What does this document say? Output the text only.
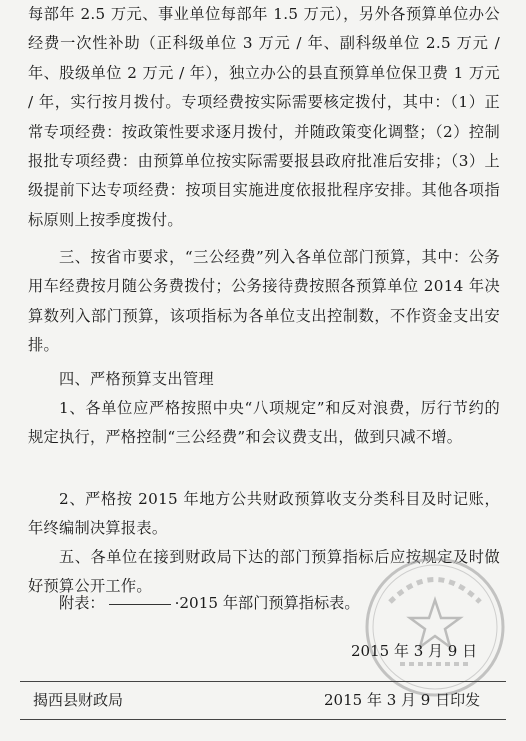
每部年 2.5 万元、事业单位每部年 1.5 万元），另外各预算单位办公经费一次性补助（正科级单位 3 万元 / 年、副科级单位 2.5 万元 / 年、股级单位 2 万元 / 年），独立办公的县直预算单位保卫费 1 万元 / 年，实行按月拨付。专项经费按实际需要核定拨付，其中：（1）正常专项经费：按政策性要求逐月拨付，并随政策变化调整；（2）控制报批专项经费：由预算单位按实际需要报县政府批准后安排；（3）上级提前下达专项经费：按项目实施进度依报批程序安排。其他各项指标原则上按季度拨付。

三、按省市要求，“三公经费”列入各单位部门预算，其中：公务用车经费按月随公务费拨付；公务接待费按照各预算单位 2014 年决算数列入部门预算，该项指标为各单位支出控制数，不作资金支出安排。

四、严格预算支出管理

1、各单位应严格按照中央“八项规定”和反对浪费，厉行节约的规定执行，严格控制“三公经费”和会议费支出，做到只减不增。

2、严格按 2015 年地方公共财政预算收支分类科目及时记账，年终编制决算报表。

五、各单位在接到财政局下达的部门预算指标后应按规定及时做好预算公开工作。

附表：	·2015 年部门预算指标表。
2015 年 3 月 9 日
揭西县财政局	2015 年 3 月 9 日印发
